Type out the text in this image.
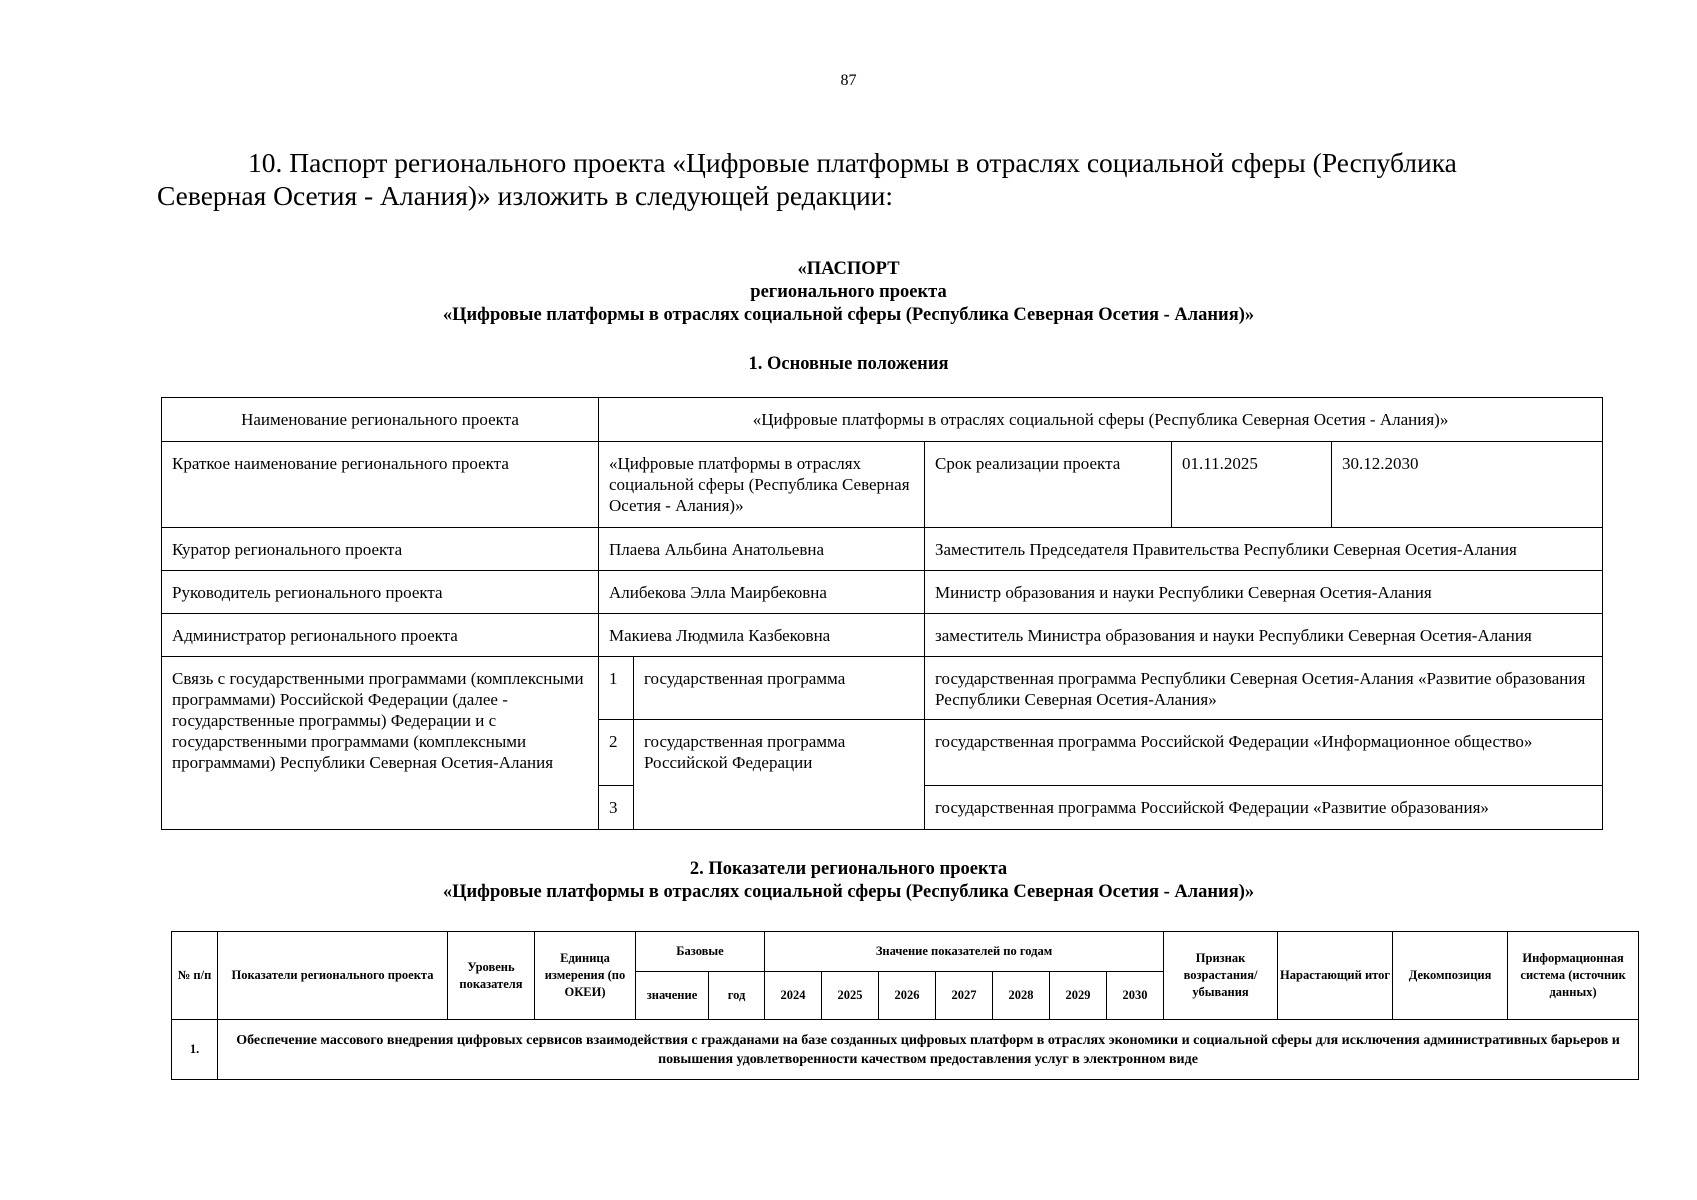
87
10. Паспорт регионального проекта «Цифровые платформы в отраслях социальной сферы (Республика Северная Осетия - Алания)» изложить в следующей редакции:
«ПАСПОРТ
регионального проекта
«Цифровые платформы в отраслях социальной сферы (Республика Северная Осетия - Алания)»
1. Основные положения
Наименование регионального проекта	«Цифровые платформы в отраслях социальной сферы (Республика Северная Осетия - Алания)»				
Краткое наименование регионального проекта	«Цифровые платформы в отраслях социальной сферы (Республика Северная Осетия - Алания)»		Срок реализации проекта	01.11.2025	30.12.2030
Куратор регионального проекта	Плаева Альбина Анатольевна		Заместитель Председателя Правительства Республики Северная Осетия-Алания		
Руководитель регионального проекта	Алибекова Элла Маирбековна		Министр образования и науки Республики Северная Осетия-Алания		
Администратор регионального проекта	Макиева Людмила Казбековна		заместитель Министра образования и науки Республики Северная Осетия-Алания		
Связь с государственными программами (комплексными программами) Российской Федерации (далее - государственные программы) Федерации и с государственными программами (комплексными программами) Республики Северная Осетия-Алания	1	государственная программа	государственная программа Республики Северная Осетия-Алания «Развитие образования Республики Северная Осетия-Алания»		
	2	государственная программа Российской Федерации	государственная программа Российской Федерации «Информационное общество»		
	3		государственная программа Российской Федерации «Развитие образования»		
2. Показатели регионального проекта
«Цифровые платформы в отраслях социальной сферы (Республика Северная Осетия - Алания)»
№ п/п	Показатели регионального проекта	Уровень показателя	Единица измерения (по ОКЕИ)	Базовые		Значение показателей по годам							Признак возрастания/ убывания	Нарастающий итог	Декомпозиция	Информационная система (источник данных)
				значение	год	2024	2025	2026	2027	2028	2029	2030				
1.	Обеспечение массового внедрения цифровых сервисов взаимодействия с гражданами на базе созданных цифровых платформ в отраслях экономики и социальной сферы для исключения административных барьеров и повышения удовлетворенности качеством предоставления услуг в электронном виде															
